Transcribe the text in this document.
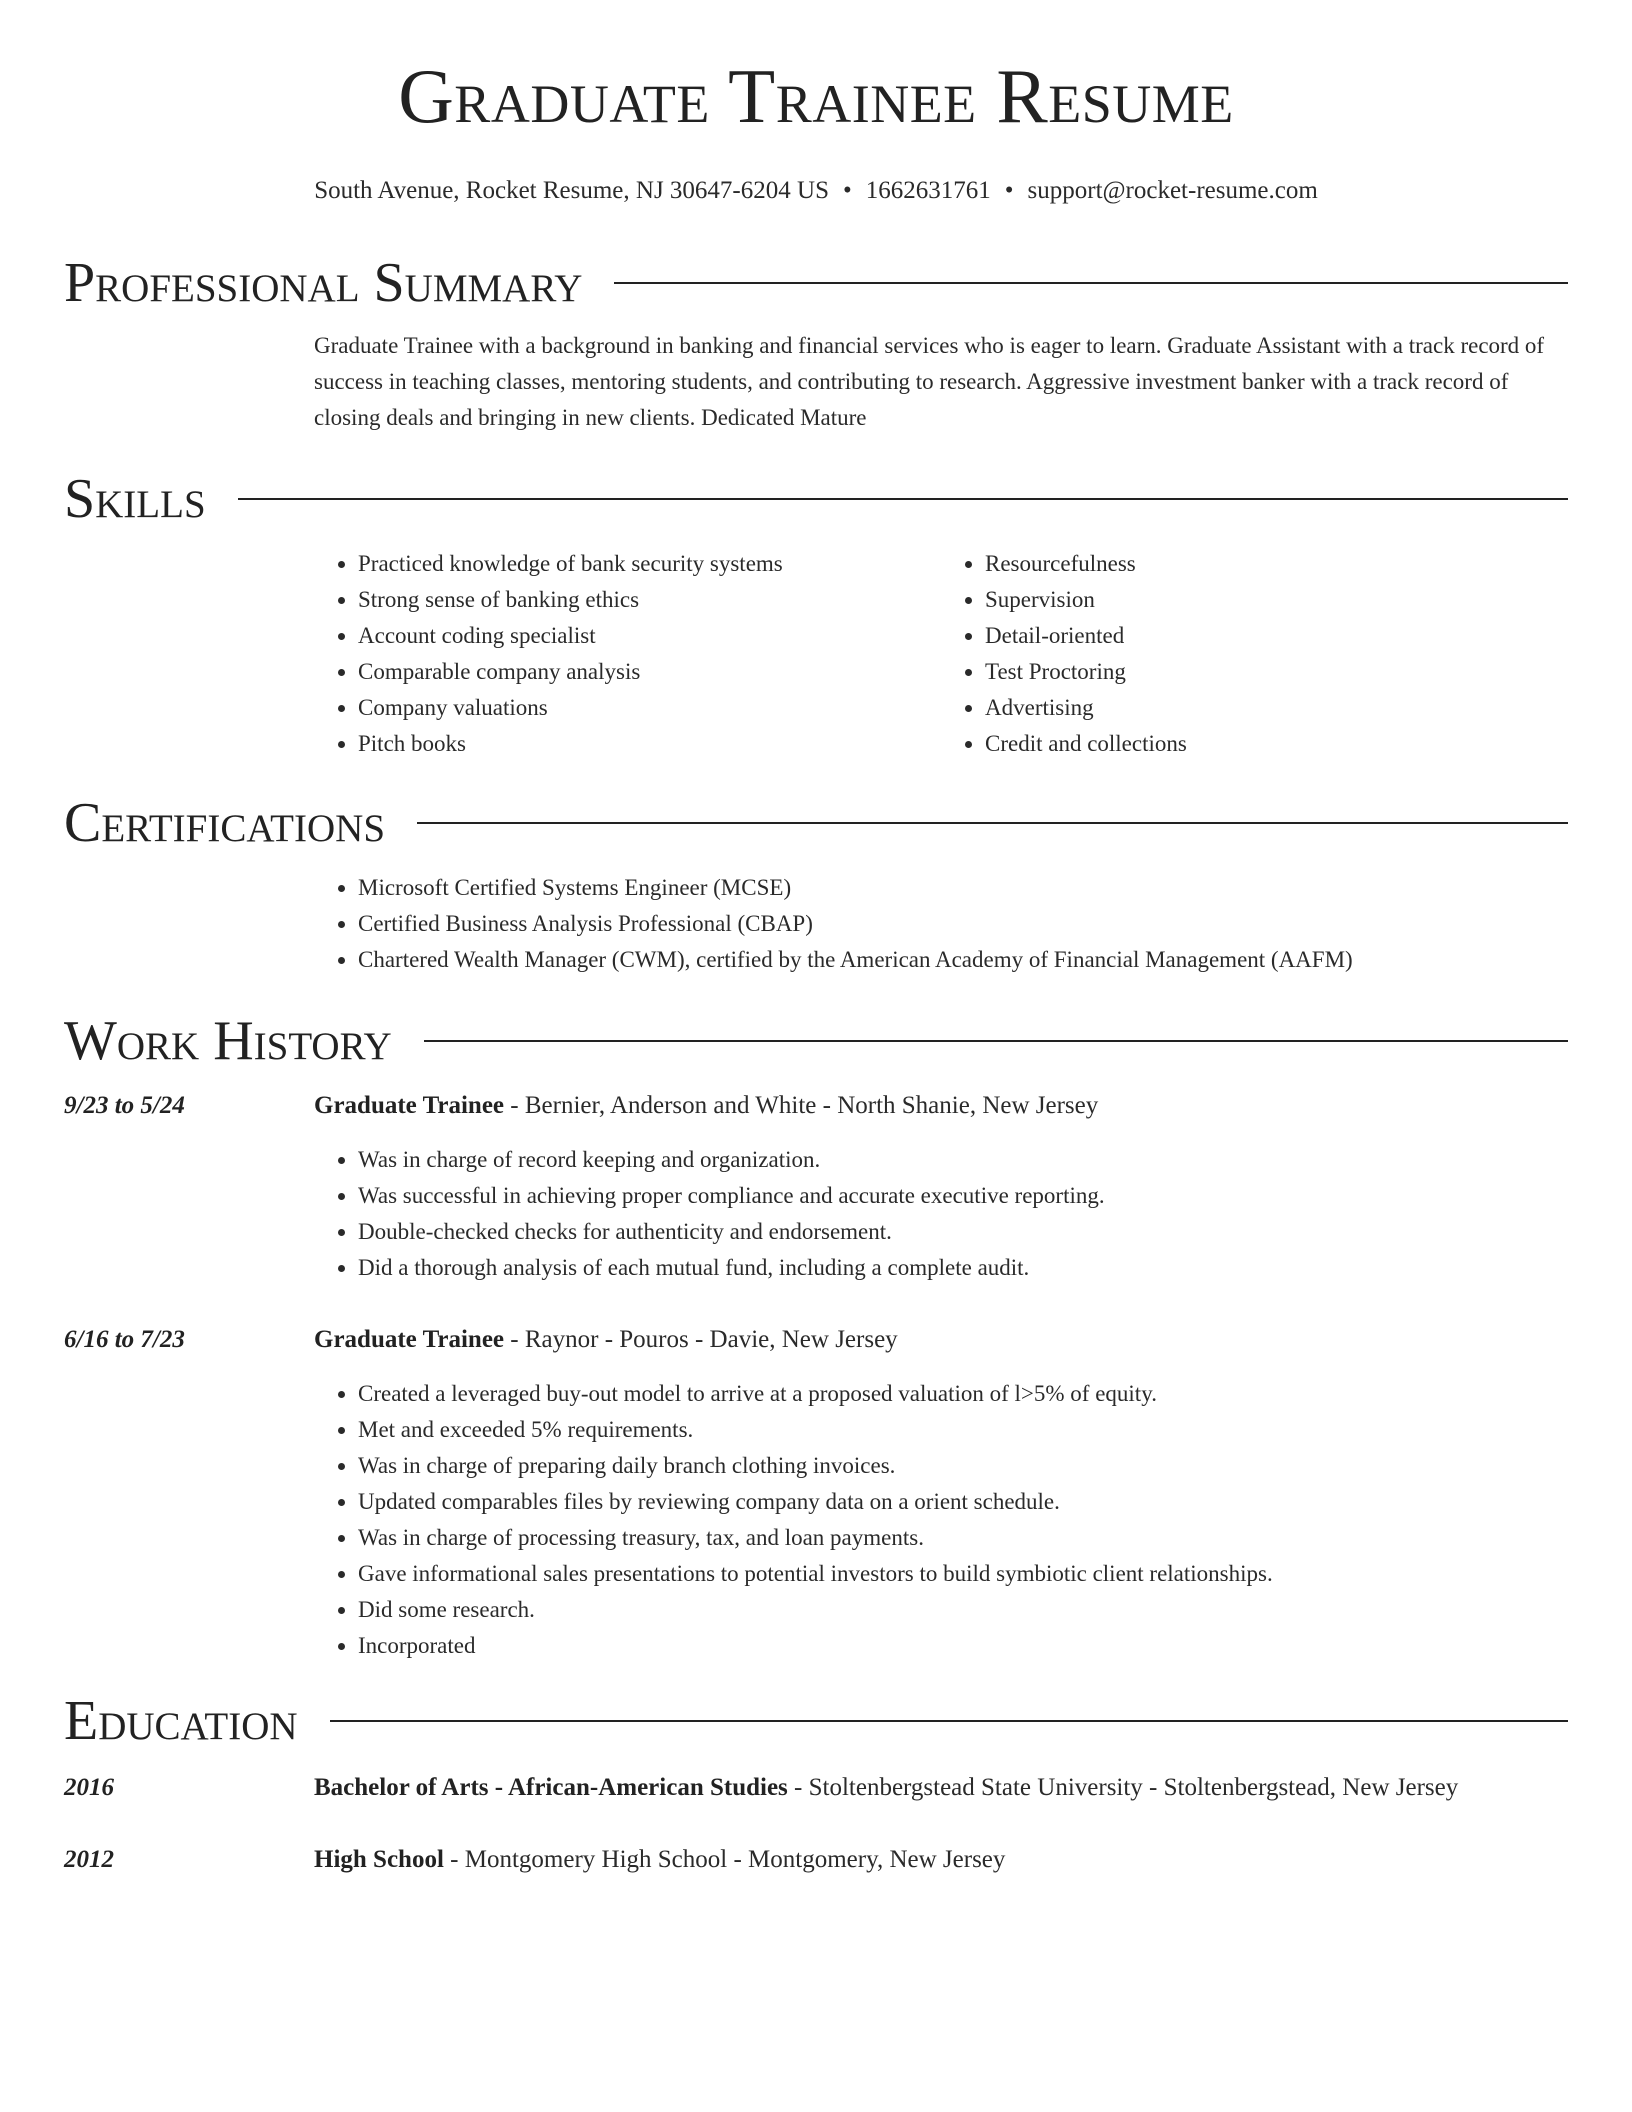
Graduate Trainee Resume
South Avenue, Rocket Resume, NJ 30647-6204 US • 1662631761 • support@rocket-resume.com
Professional Summary
Graduate Trainee with a background in banking and financial services who is eager to learn. Graduate Assistant with a track record of success in teaching classes, mentoring students, and contributing to research. Aggressive investment banker with a track record of closing deals and bringing in new clients. Dedicated Mature
Skills
• Practiced knowledge of bank security systems
• Strong sense of banking ethics
• Account coding specialist
• Comparable company analysis
• Company valuations
• Pitch books
• Resourcefulness
• Supervision
• Detail-oriented
• Test Proctoring
• Advertising
• Credit and collections
Certifications
• Microsoft Certified Systems Engineer (MCSE)
• Certified Business Analysis Professional (CBAP)
• Chartered Wealth Manager (CWM), certified by the American Academy of Financial Management (AAFM)
Work History
9/23 to 5/24	Graduate Trainee - Bernier, Anderson and White - North Shanie, New Jersey
• Was in charge of record keeping and organization.
• Was successful in achieving proper compliance and accurate executive reporting.
• Double-checked checks for authenticity and endorsement.
• Did a thorough analysis of each mutual fund, including a complete audit.
6/16 to 7/23	Graduate Trainee - Raynor - Pouros - Davie, New Jersey
• Created a leveraged buy-out model to arrive at a proposed valuation of l>5% of equity.
• Met and exceeded 5% requirements.
• Was in charge of preparing daily branch clothing invoices.
• Updated comparables files by reviewing company data on a orient schedule.
• Was in charge of processing treasury, tax, and loan payments.
• Gave informational sales presentations to potential investors to build symbiotic client relationships.
• Did some research.
• Incorporated
Education
2016	Bachelor of Arts - African-American Studies - Stoltenbergstead State University - Stoltenbergstead, New Jersey
2012	High School - Montgomery High School - Montgomery, New Jersey
